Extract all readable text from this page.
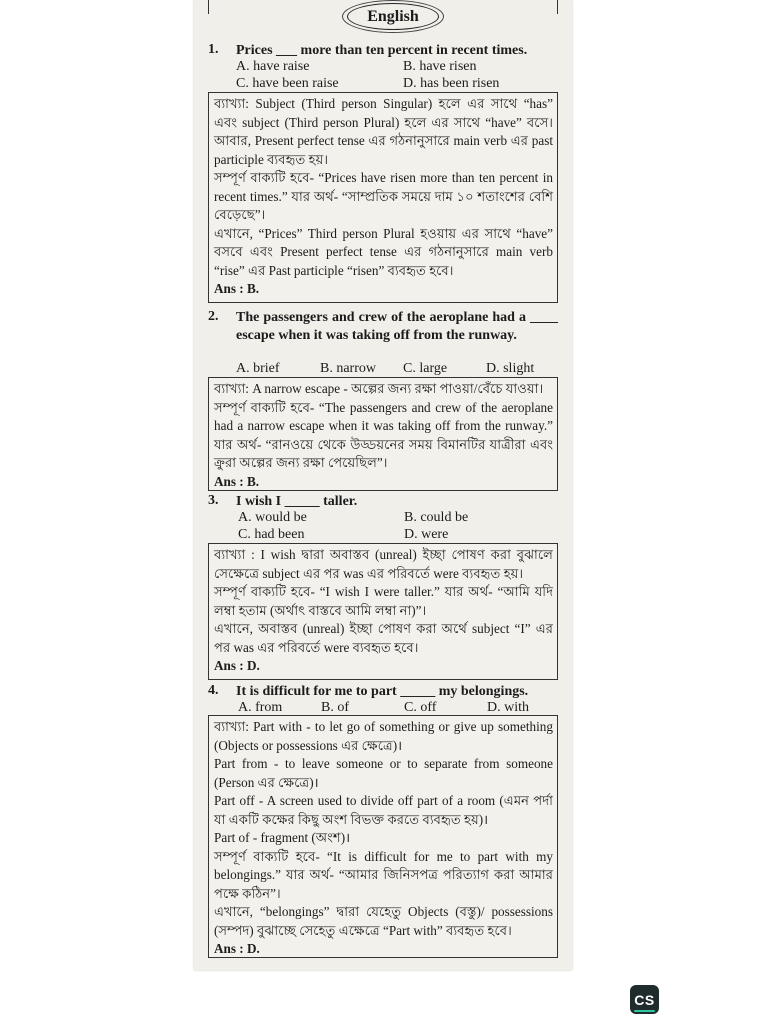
English
1. Prices ___ more than ten percent in recent times.
A. have raise	B. have risen
C. have been raise	D. has been risen

ব্যাখ্যা: Subject (Third person Singular) হলে এর সাথে “has” এবং subject (Third person Plural) হলে এর সাথে “have” বসে। আবার, Present perfect tense এর গঠনানুসারে main verb এর past participle ব্যবহৃত হয়।

সম্পূর্ণ বাক্যটি হবে- “Prices have risen more than ten percent in recent times.” যার অর্থ- “সাম্প্রতিক সময়ে দাম ১০ শতাংশের বেশি বেড়েছে”।

এখানে, “Prices” Third person Plural হওয়ায় এর সাথে “have” বসবে এবং Present perfect tense এর গঠনানুসারে main verb “rise” এর Past participle “risen” ব্যবহৃত হবে।

Ans : B.

2. The passengers and crew of the aeroplane had a ____ escape when it was taking off from the runway.
A. brief	B. narrow C. large	D. slight

ব্যাখ্যা: A narrow escape - অল্পের জন্য রক্ষা পাওয়া/বেঁচে যাওয়া।

সম্পূর্ণ বাক্যটি হবে- “The passengers and crew of the aeroplane had a narrow escape when it was taking off from the runway.” যার অর্থ- “রানওয়ে থেকে উড্ডয়নের সময় বিমানটির যাত্রীরা এবং ক্রুরা অল্পের জন্য রক্ষা পেয়েছিল”।

Ans : B.

3. I wish I _____ taller.
A. would be	B. could be
C. had been	D. were

ব্যাখ্যা : I wish দ্বারা অবাস্তব (unreal) ইচ্ছা পোষণ করা বুঝালে সেক্ষেত্রে subject এর পর was এর পরিবর্তে were ব্যবহৃত হয়।

সম্পূর্ণ বাক্যটি হবে- “I wish I were taller.” যার অর্থ- “আমি যদি লম্বা হতাম (অর্থাৎ বাস্তবে আমি লম্বা না)”।

এখানে, অবাস্তব (unreal) ইচ্ছা পোষণ করা অর্থে subject “I” এর পর was এর পরিবর্তে were ব্যবহৃত হবে।

Ans : D.

4. It is difficult for me to part _____ my belongings.
A. from	B. of	C. off	D. with

ব্যাখ্যা: Part with - to let go of something or give up something (Objects or possessions এর ক্ষেত্রে)।

Part from - to leave someone or to separate from someone (Person এর ক্ষেত্রে)।

Part off - A screen used to divide off part of a room (এমন পর্দা যা একটি কক্ষের কিছু অংশ বিভক্ত করতে ব্যবহৃত হয়)।

Part of - fragment (অংশ)।

সম্পূর্ণ বাক্যটি হবে- “It is difficult for me to part with my belongings.” যার অর্থ- “আমার জিনিসপত্র পরিত্যাগ করা আমার পক্ষে কঠিন”।

এখানে, “belongings” দ্বারা যেহেতু Objects (বস্তু)/ possessions (সম্পদ) বুঝাচ্ছে সেহেতু এক্ষেত্রে “Part with” ব্যবহৃত হবে।

Ans : D.

CS
